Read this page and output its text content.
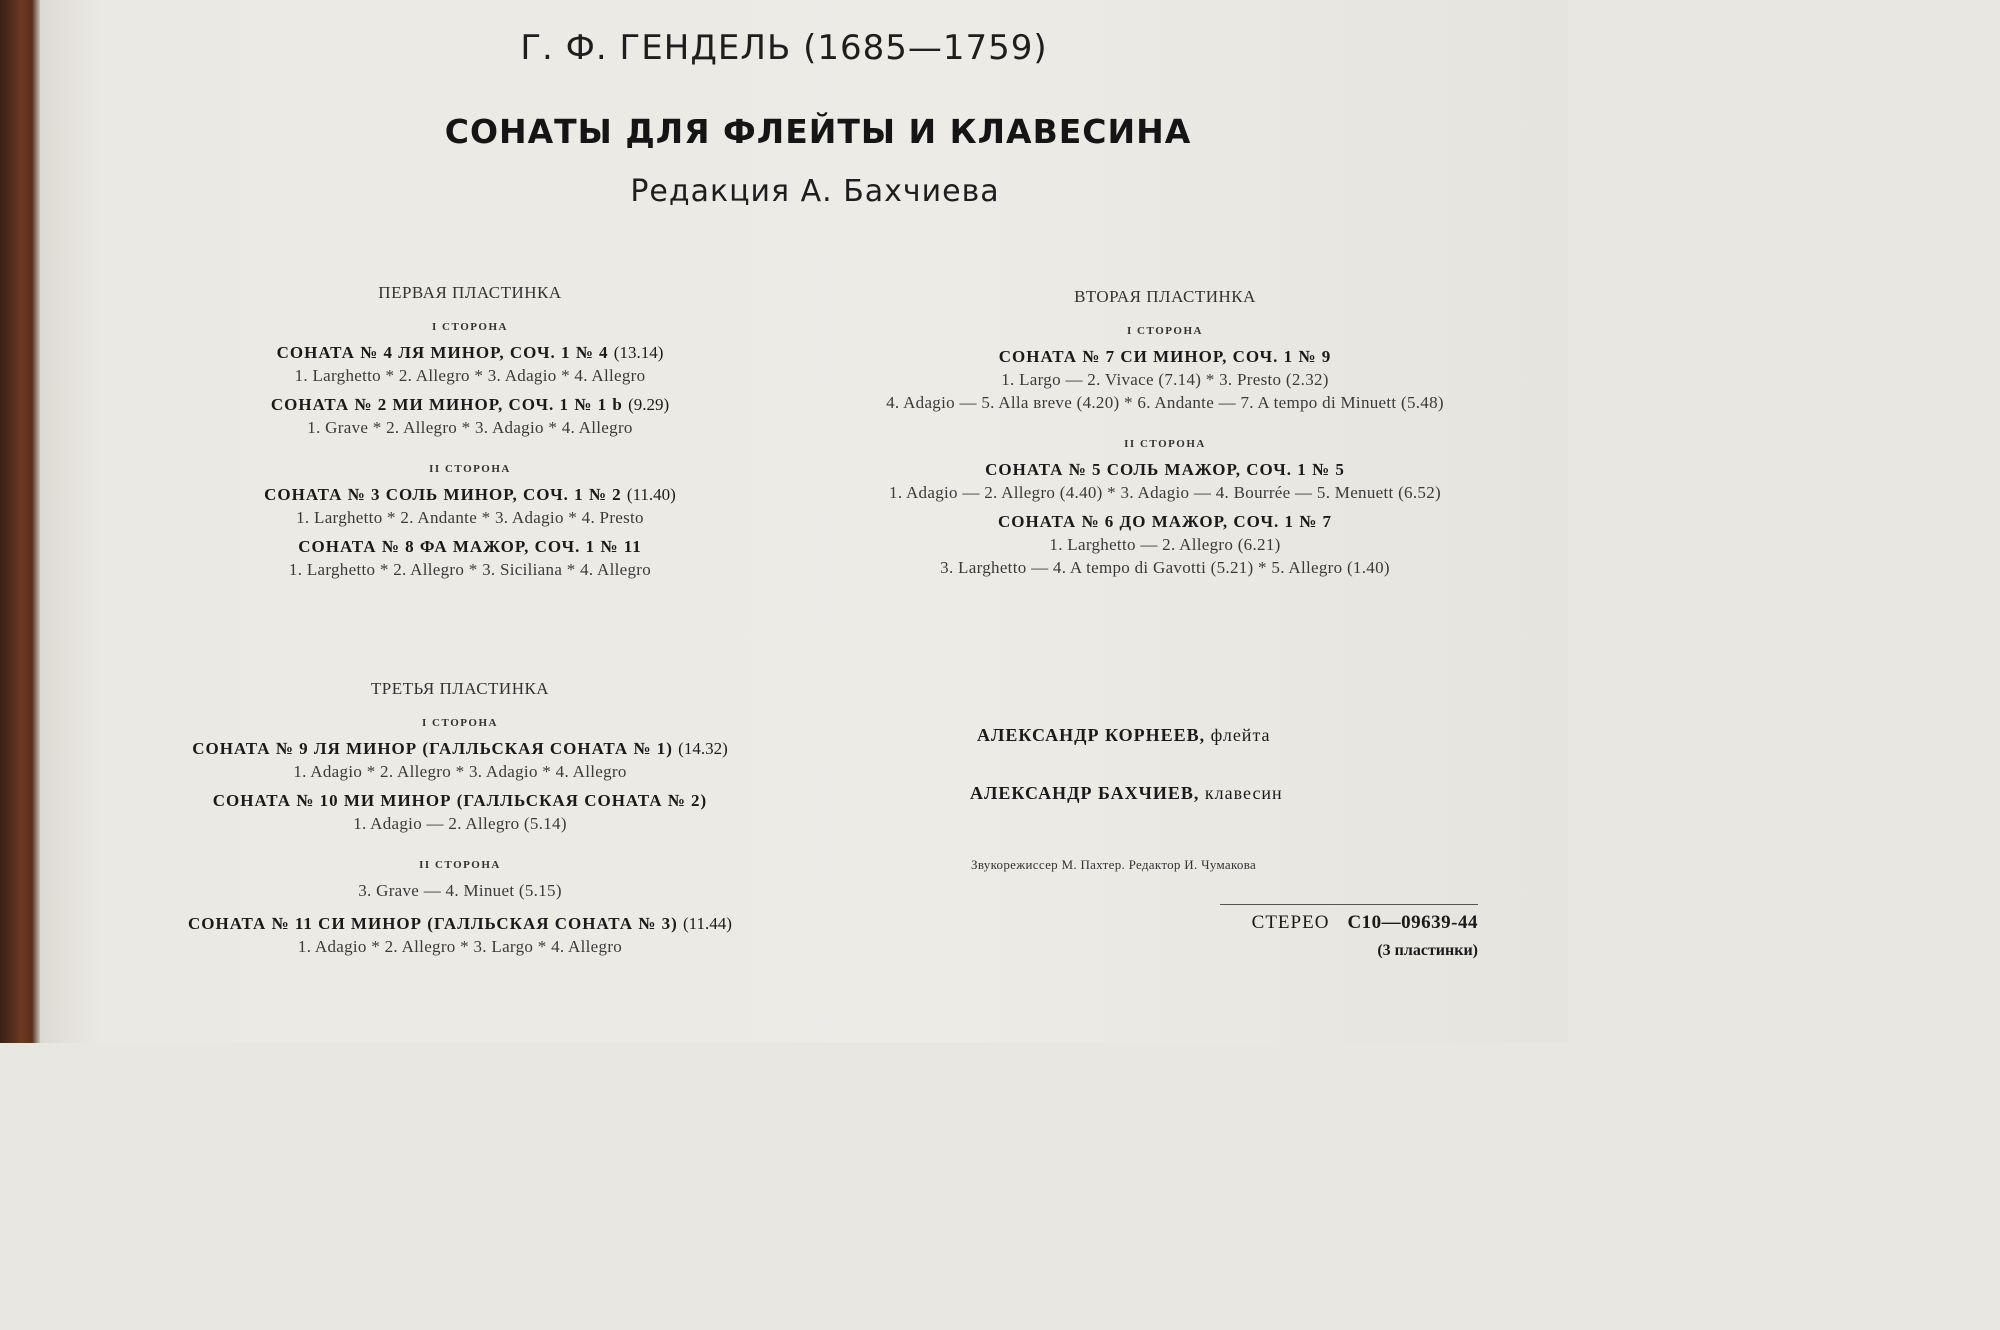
Г. Ф. ГЕНДЕЛЬ (1685—1759)
СОНАТЫ ДЛЯ ФЛЕЙТЫ И КЛАВЕСИНА
Редакция А. Бахчиева
ПЕРВАЯ ПЛАСТИНКА
I СТОРОНА
СОНАТА № 4 ЛЯ МИНОР, СОЧ. 1 № 4 (13.14)
1. Larghetto * 2. Allegro * 3. Adagio * 4. Allegro
СОНАТА № 2 МИ МИНОР, СОЧ. 1 № 1 b (9.29)
1. Grave * 2. Allegro * 3. Adagio * 4. Allegro
II СТОРОНА
СОНАТА № 3 СОЛЬ МИНОР, СОЧ. 1 № 2 (11.40)
1. Larghetto * 2. Andante * 3. Adagio * 4. Presto
СОНАТА № 8 ФА МАЖОР, СОЧ. 1 № 11
1. Larghetto * 2. Allegro * 3. Siciliana * 4. Allegro
ВТОРАЯ ПЛАСТИНКА
I СТОРОНА
СОНАТА № 7 СИ МИНОР, СОЧ. 1 № 9
1. Largo — 2. Vivace (7.14) * 3. Presto (2.32)
4. Adagio — 5. Alla вreve (4.20) * 6. Andante — 7. A tempo di Minuett (5.48)
II СТОРОНА
СОНАТА № 5 СОЛЬ МАЖОР, СОЧ. 1 № 5
1. Adagio — 2. Allegro (4.40) * 3. Adagio — 4. Bourrée — 5. Menuett (6.52)
СОНАТА № 6 ДО МАЖОР, СОЧ. 1 № 7
1. Larghetto — 2. Allegro (6.21)
3. Larghetto — 4. A tempo di Gavotti (5.21) * 5. Allegro (1.40)
ТРЕТЬЯ ПЛАСТИНКА
I СТОРОНА
СОНАТА № 9 ЛЯ МИНОР (ГАЛЛЬСКАЯ СОНАТА № 1) (14.32)
1. Adagio * 2. Allegro * 3. Adagio * 4. Allegro
СОНАТА № 10 МИ МИНОР (ГАЛЛЬСКАЯ СОНАТА № 2)
1. Adagio — 2. Allegro (5.14)
II СТОРОНА
3. Grave — 4. Minuet (5.15)
СОНАТА № 11 СИ МИНОР (ГАЛЛЬСКАЯ СОНАТА № 3) (11.44)
1. Adagio * 2. Allegro * 3. Largo * 4. Allegro
АЛЕКСАНДР КОРНЕЕВ, флейта
АЛЕКСАНДР БАХЧИЕВ, клавесин
Звукорежиссер М. Пахтер. Редактор И. Чумакова
СТЕРЕО С10—09639-44
(3 пластинки)
